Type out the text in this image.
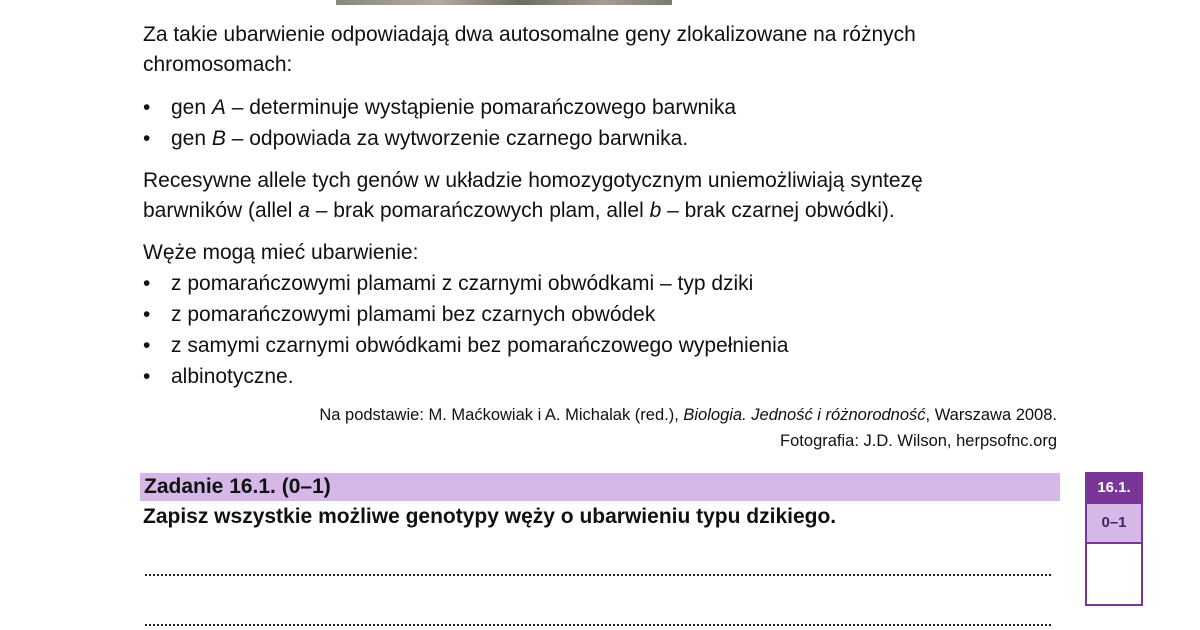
Za takie ubarwienie odpowiadają dwa autosomalne geny zlokalizowane na różnych
chromosomach:

• gen A – determinuje wystąpienie pomarańczowego barwnika
• gen B – odpowiada za wytworzenie czarnego barwnika.

Recesywne allele tych genów w układzie homozygotycznym uniemożliwiają syntezę
barwników (allel a – brak pomarańczowych plam, allel b – brak czarnej obwódki).

Węże mogą mieć ubarwienie:

• z pomarańczowymi plamami z czarnymi obwódkami – typ dziki
• z pomarańczowymi plamami bez czarnych obwódek
• z samymi czarnymi obwódkami bez pomarańczowego wypełnienia
• albinotyczne.
Na podstawie: M. Maćkowiak i A. Michalak (red.), Biologia. Jedność i różnorodność, Warszawa 2008.
Fotografia: J.D. Wilson, herpsofnc.org
Zadanie 16.1. (0–1)
Zapisz wszystkie możliwe genotypy węży o ubarwieniu typu dzikiego.
16.1.
0–1
